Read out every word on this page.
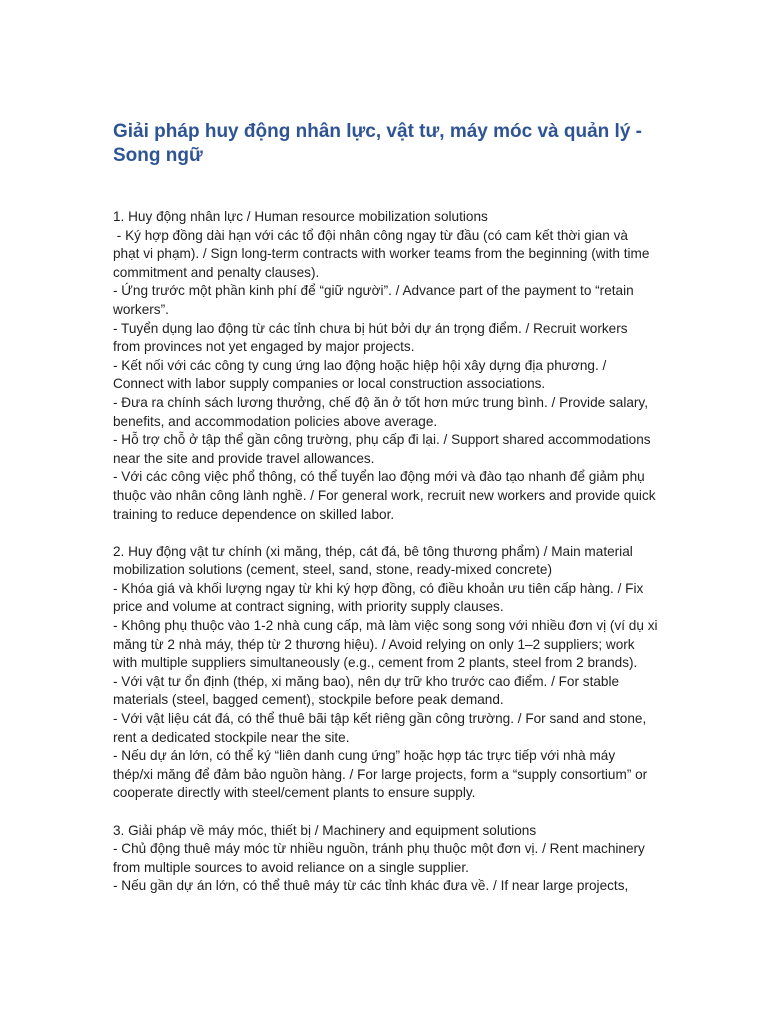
Giải pháp huy động nhân lực, vật tư, máy móc và quản lý - Song ngữ
1. Huy động nhân lực / Human resource mobilization solutions
- Ký hợp đồng dài hạn với các tổ đội nhân công ngay từ đầu (có cam kết thời gian và phạt vi phạm). / Sign long-term contracts with worker teams from the beginning (with time commitment and penalty clauses).
- Ứng trước một phần kinh phí để “giữ người”. / Advance part of the payment to “retain workers”.
- Tuyển dụng lao động từ các tỉnh chưa bị hút bởi dự án trọng điểm. / Recruit workers from provinces not yet engaged by major projects.
- Kết nối với các công ty cung ứng lao động hoặc hiệp hội xây dựng địa phương. / Connect with labor supply companies or local construction associations.
- Đưa ra chính sách lương thưởng, chế độ ăn ở tốt hơn mức trung bình. / Provide salary, benefits, and accommodation policies above average.
- Hỗ trợ chỗ ở tập thể gần công trường, phụ cấp đi lại. / Support shared accommodations near the site and provide travel allowances.
- Với các công việc phổ thông, có thể tuyển lao động mới và đào tạo nhanh để giảm phụ thuộc vào nhân công lành nghề. / For general work, recruit new workers and provide quick training to reduce dependence on skilled labor.
2. Huy động vật tư chính (xi măng, thép, cát đá, bê tông thương phẩm) / Main material mobilization solutions (cement, steel, sand, stone, ready-mixed concrete)
- Khóa giá và khối lượng ngay từ khi ký hợp đồng, có điều khoản ưu tiên cấp hàng. / Fix price and volume at contract signing, with priority supply clauses.
- Không phụ thuộc vào 1-2 nhà cung cấp, mà làm việc song song với nhiều đơn vị (ví dụ xi măng từ 2 nhà máy, thép từ 2 thương hiệu). / Avoid relying on only 1–2 suppliers; work with multiple suppliers simultaneously (e.g., cement from 2 plants, steel from 2 brands).
- Với vật tư ổn định (thép, xi măng bao), nên dự trữ kho trước cao điểm. / For stable materials (steel, bagged cement), stockpile before peak demand.
- Với vật liệu cát đá, có thể thuê bãi tập kết riêng gần công trường. / For sand and stone, rent a dedicated stockpile near the site.
- Nếu dự án lớn, có thể ký “liên danh cung ứng” hoặc hợp tác trực tiếp với nhà máy thép/xi măng để đảm bảo nguồn hàng. / For large projects, form a “supply consortium” or cooperate directly with steel/cement plants to ensure supply.
3. Giải pháp về máy móc, thiết bị / Machinery and equipment solutions
- Chủ động thuê máy móc từ nhiều nguồn, tránh phụ thuộc một đơn vị. / Rent machinery from multiple sources to avoid reliance on a single supplier.
- Nếu gần dự án lớn, có thể thuê máy từ các tỉnh khác đưa về. / If near large projects,
